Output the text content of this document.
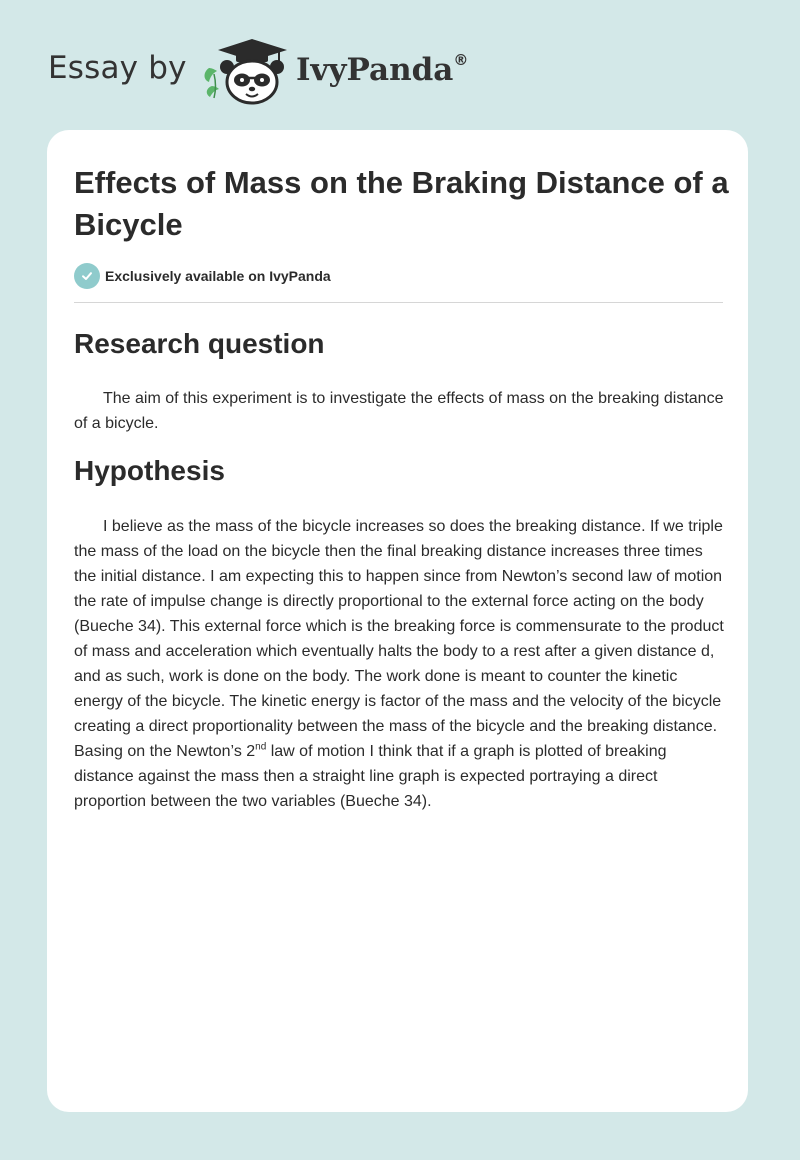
Essay by	IvyPanda®
Effects of Mass on the Braking Distance of a Bicycle
Exclusively available on IvyPanda
Research question

The aim of this experiment is to investigate the effects of mass on the breaking distance of a bicycle.

Hypothesis

I believe as the mass of the bicycle increases so does the breaking distance. If we triple the mass of the load on the bicycle then the final breaking distance increases three times the initial distance. I am expecting this to happen since from Newton’s second law of motion the rate of impulse change is directly proportional to the external force acting on the body (Bueche 34). This external force which is the breaking force is commensurate to the product of mass and acceleration which eventually halts the body to a rest after a given distance d, and as such, work is done on the body. The work done is meant to counter the kinetic energy of the bicycle. The kinetic energy is factor of the mass and the velocity of the bicycle creating a direct proportionality between the mass of the bicycle and the breaking distance. Basing on the Newton’s 2nd law of motion I think that if a graph is plotted of breaking distance against the mass then a straight line graph is expected portraying a direct proportion between the two variables (Bueche 34).
